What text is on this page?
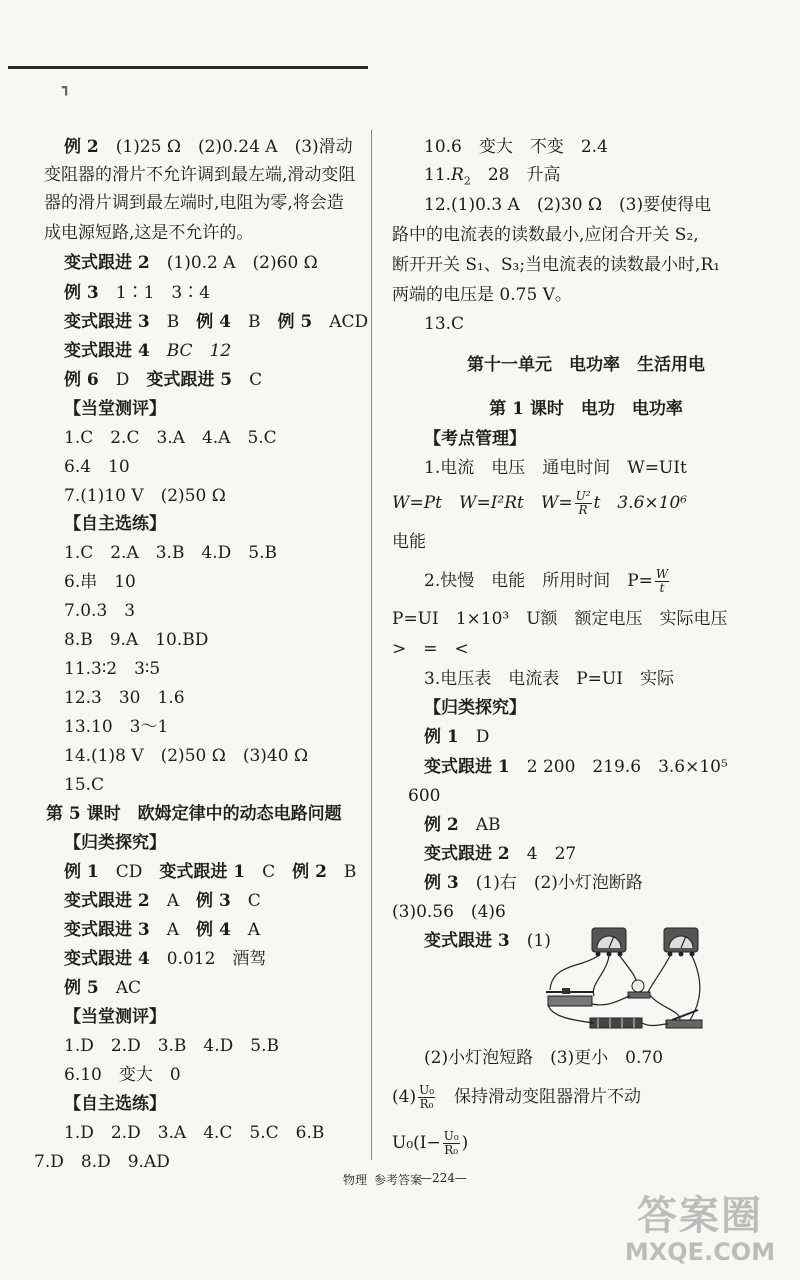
┓
例 2　 (1)25 Ω　(2)0.24 A　(3)滑动
变阻器的滑片不允许调到最左端,滑动变阻
器的滑片调到最左端时,电阻为零,将会造
成电源短路,这是不允许的。
变式跟进 2　 (1)0.2 A　(2)60 Ω
例 3　 1∶1　3∶4
变式跟进 3　 B　 例 4　 B　 例 5　 ACD
变式跟进 4　 BC　12
例 6　 D　 变式跟进 5　 C
【当堂测评】
1.C　2.C　3.A　4.A　5.C
6.4　10
7.(1)10 V　(2)50 Ω
【自主选练】
1.C　2.A　3.B　4.D　5.B
6.串　10
7.0.3　3
8.B　9.A　10.BD
11.3∶2　3∶5
12.3　30　1.6
13.10　3～1
14.(1)8 V　(2)50 Ω　(3)40 Ω
15.C
第 5 课时　欧姆定律中的动态电路问题
【归类探究】
例 1　 CD　 变式跟进 1　 C　 例 2　 B
变式跟进 2　 A　 例 3　 C
变式跟进 3　 A　 例 4　 A
变式跟进 4　 0.012　酒驾
例 5　 AC
【当堂测评】
1.D　2.D　3.B　4.D　5.B
6.10　变大　0
【自主选练】
1.D　2.D　3.A　4.C　5.C　6.B
7.D　8.D　9.AD
10.6　变大　不变　2.4
$11.R_2$　28　升高
12.(1)0.3 A　(2)30 Ω　(3)要使得电
路中的电流表的读数最小,应闭合开关 S₂,
断开开关 S₁、S₃;当电流表的读数最小时,R₁
两端的电压是 0.75 V。
13.C
第十一单元　电功率　生活用电
第 1 课时　电功　电功率
【考点管理】
1.电流　电压　通电时间　W=UIt
W=Pt　W=I²Rt　$W= \frac{\text{U²}}{R}$ t　3.6×10⁶
电能
2.快慢　电能　所用时间　$P= \frac{W}{t}$
P=UI　1×10³　U额　额定电压　实际电压
>　=　<
3.电压表　电流表　P=UI　实际
【归类探究】
例 1　 D
变式跟进 1　 2 200　219.6　3.6×10⁵
600
例 2　 AB
变式跟进 2　 4　27
例 3　 (1)右　(2)小灯泡断路
(3)0.56　(4)6
变式跟进 3　 (1)
(2)小灯泡短路　(3)更小　0.70
$(4) \frac{\text{U₀}}{\text{R₀}}$ 　保持滑动变阻器滑片不动
$U_0(I- \frac{\text{U₀}}{\text{R₀}}$ )
物理 参考答案
—224—
答案圈
MXQE.COM
